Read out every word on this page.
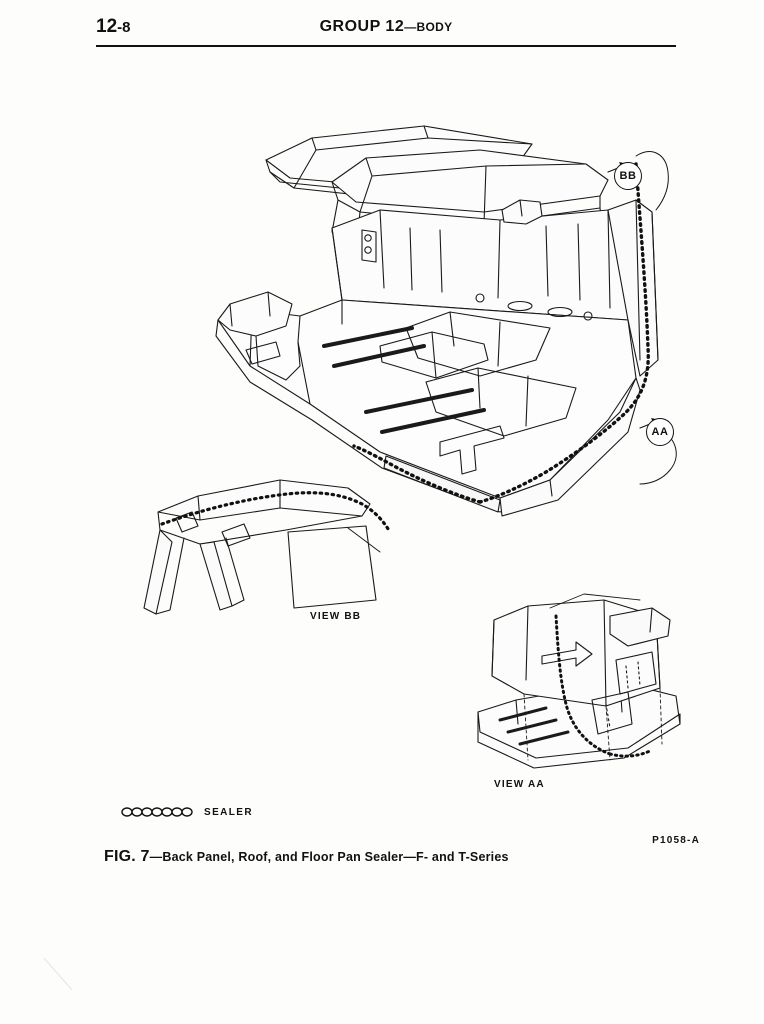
12-8	GROUP 12—BODY
BB
AA
VIEW BB
VIEW AA
SEALER
P1058-A
FIG. 7—Back Panel, Roof, and Floor Pan Sealer—F- and T-Series
